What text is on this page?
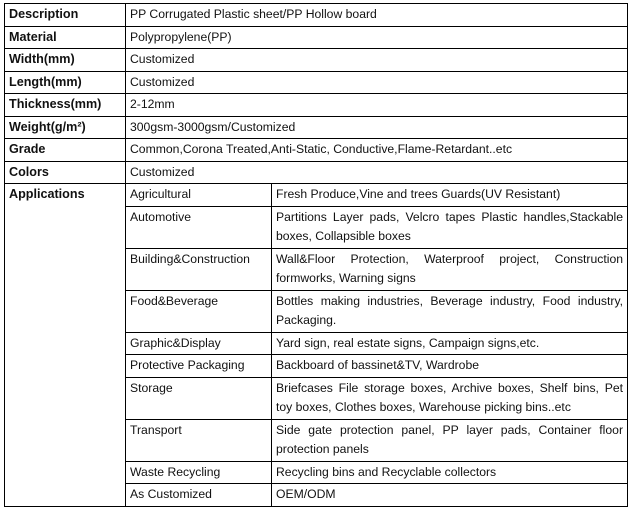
Description	PP Corrugated Plastic sheet/PP Hollow board	
Material	Polypropylene(PP)	
Width(mm)	Customized	
Length(mm)	Customized	
Thickness(mm)	2-12mm	
Weight(g/m²)	300gsm-3000gsm/Customized	
Grade	Common,Corona Treated,Anti-Static, Conductive,Flame-Retardant..etc	
Colors	Customized	
Applications	Agricultural	Fresh Produce,Vine and trees Guards(UV Resistant)
	Automotive	Partitions Layer pads, Velcro tapes Plastic handles,Stackable boxes, Collapsible boxes
	Building&Construction	Wall&Floor Protection, Waterproof project, Construction formworks, Warning signs
	Food&Beverage	Bottles making industries, Beverage industry, Food industry, Packaging.
	Graphic&Display	Yard sign, real estate signs, Campaign signs,etc.
	Protective Packaging	Backboard of bassinet&TV, Wardrobe
	Storage	Briefcases File storage boxes, Archive boxes, Shelf bins, Pet toy boxes, Clothes boxes, Warehouse picking bins..etc
	Transport	Side gate protection panel, PP layer pads, Container floor protection panels
	Waste Recycling	Recycling bins and Recyclable collectors
	As Customized	OEM/ODM
